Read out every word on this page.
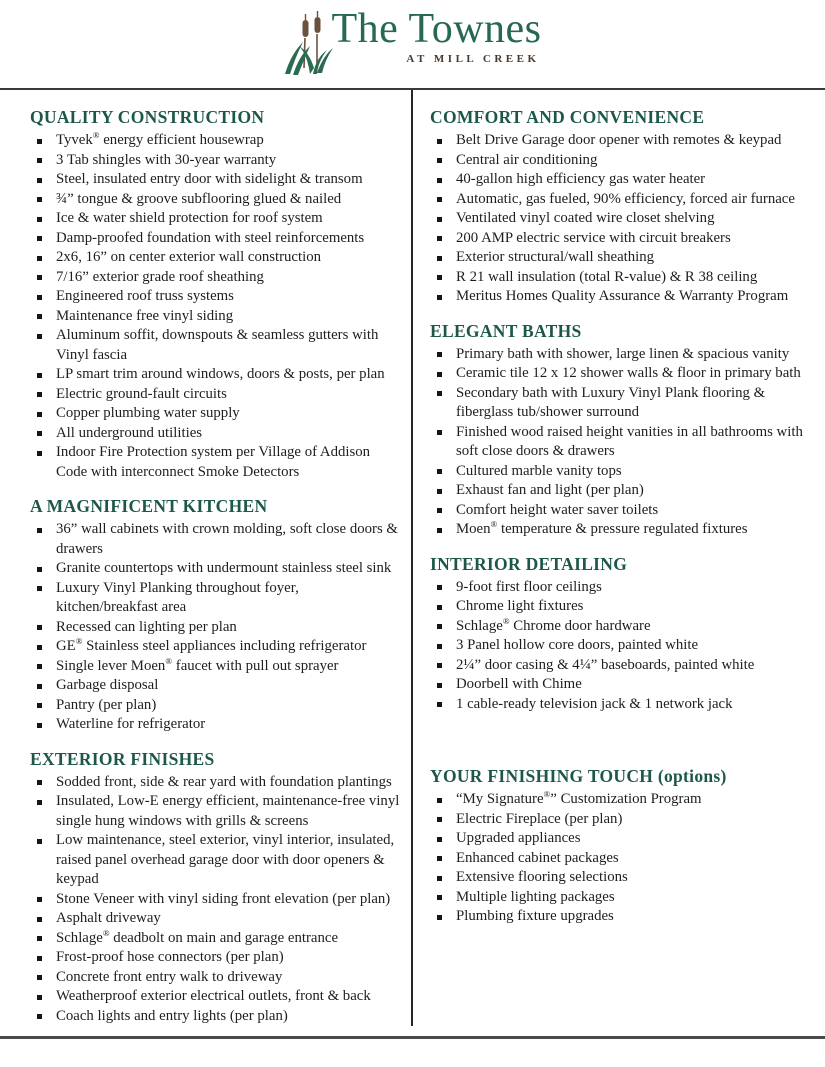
The Townes
AT MILL CREEK
QUALITY CONSTRUCTION
Tyvek® energy efficient housewrap
3 Tab shingles with 30-year warranty
Steel, insulated entry door with sidelight & transom
¾” tongue & groove subflooring glued & nailed
Ice & water shield protection for roof system
Damp-proofed foundation with steel reinforcements
2x6, 16” on center exterior wall construction
7/16” exterior grade roof sheathing
Engineered roof truss systems
Maintenance free vinyl siding
Aluminum soffit, downspouts & seamless gutters with Vinyl fascia
LP smart trim around windows, doors & posts, per plan
Electric ground-fault circuits
Copper plumbing water supply
All underground utilities
Indoor Fire Protection system per Village of Addison Code with interconnect Smoke Detectors
A MAGNIFICENT KITCHEN
36” wall cabinets with crown molding, soft close doors & drawers
Granite countertops with undermount stainless steel sink
Luxury Vinyl Planking throughout foyer, kitchen/breakfast area
Recessed can lighting per plan
GE® Stainless steel appliances including refrigerator
Single lever Moen® faucet with pull out sprayer
Garbage disposal
Pantry (per plan)
Waterline for refrigerator
EXTERIOR FINISHES
Sodded front, side & rear yard with foundation plantings
Insulated, Low-E energy efficient, maintenance-free vinyl single hung windows with grills & screens
Low maintenance, steel exterior, vinyl interior, insulated, raised panel overhead garage door with door openers & keypad
Stone Veneer with vinyl siding front elevation (per plan)
Asphalt driveway
Schlage® deadbolt on main and garage entrance
Frost-proof hose connectors (per plan)
Concrete front entry walk to driveway
Weatherproof exterior electrical outlets, front & back
Coach lights and entry lights (per plan)
COMFORT AND CONVENIENCE
Belt Drive Garage door opener with remotes & keypad
Central air conditioning
40-gallon high efficiency gas water heater
Automatic, gas fueled, 90% efficiency, forced air furnace
Ventilated vinyl coated wire closet shelving
200 AMP electric service with circuit breakers
Exterior structural/wall sheathing
R 21 wall insulation (total R-value) & R 38 ceiling
Meritus Homes Quality Assurance & Warranty Program
ELEGANT BATHS
Primary bath with shower, large linen & spacious vanity
Ceramic tile 12 x 12 shower walls & floor in primary bath
Secondary bath with Luxury Vinyl Plank flooring & fiberglass tub/shower surround
Finished wood raised height vanities in all bathrooms with soft close doors & drawers
Cultured marble vanity tops
Exhaust fan and light (per plan)
Comfort height water saver toilets
Moen® temperature & pressure regulated fixtures
INTERIOR DETAILING
9-foot first floor ceilings
Chrome light fixtures
Schlage® Chrome door hardware
3 Panel hollow core doors, painted white
2¼” door casing & 4¼” baseboards, painted white
Doorbell with Chime
1 cable-ready television jack & 1 network jack
YOUR FINISHING TOUCH (options)
“My Signature®” Customization Program
Electric Fireplace (per plan)
Upgraded appliances
Enhanced cabinet packages
Extensive flooring selections
Multiple lighting packages
Plumbing fixture upgrades
